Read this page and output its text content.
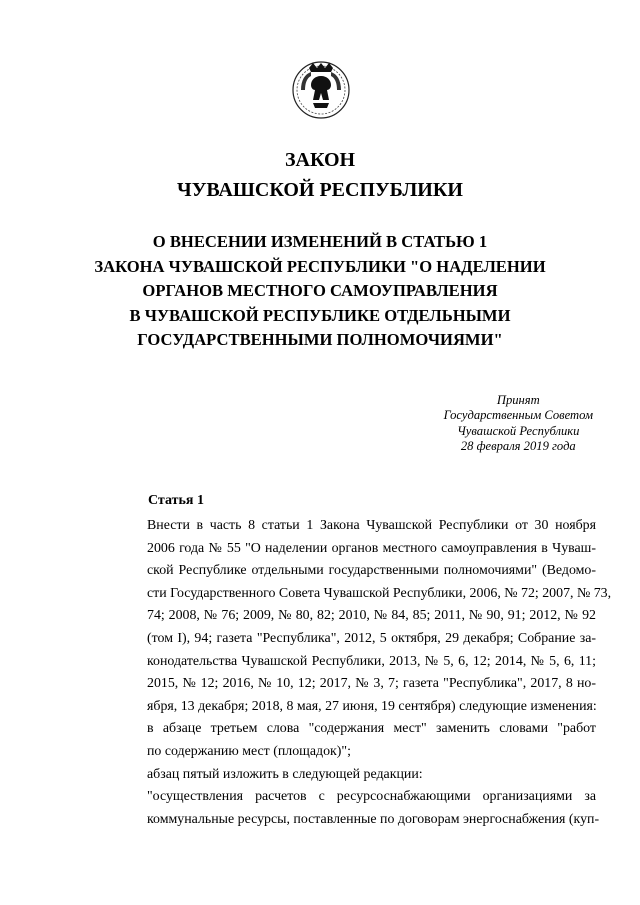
ЗАКОН
ЧУВАШСКОЙ РЕСПУБЛИКИ
О ВНЕСЕНИИ ИЗМЕНЕНИЙ В СТАТЬЮ 1
ЗАКОНА ЧУВАШСКОЙ РЕСПУБЛИКИ "О НАДЕЛЕНИИ
ОРГАНОВ МЕСТНОГО САМОУПРАВЛЕНИЯ
В ЧУВАШСКОЙ РЕСПУБЛИКЕ ОТДЕЛЬНЫМИ
ГОСУДАРСТВЕННЫМИ ПОЛНОМОЧИЯМИ"
Принят
Государственным Советом
Чувашской Республики
28 февраля 2019 года
Статья 1

Внести в часть 8 статьи 1 Закона Чувашской Республики от 30 ноября
2006 года № 55 "О наделении органов местного самоуправления в Чуваш-
ской Республике отдельными государственными полномочиями" (Ведомо-
сти Государственного Совета Чувашской Республики, 2006, № 72; 2007, № 73,
74; 2008, № 76; 2009, № 80, 82; 2010, № 84, 85; 2011, № 90, 91; 2012, № 92
(том I), 94; газета "Республика", 2012, 5 октября, 29 декабря; Собрание за-
конодательства Чувашской Республики, 2013, № 5, 6, 12; 2014, № 5, 6, 11;
2015, № 12; 2016, № 10, 12; 2017, № 3, 7; газета "Республика", 2017, 8 но-
ября, 13 декабря; 2018, 8 мая, 27 июня, 19 сентября) следующие изменения:

в абзаце третьем слова "содержания мест" заменить словами "работ
по содержанию мест (площадок)";

абзац пятый изложить в следующей редакции:

"осуществления расчетов с ресурсоснабжающими организациями за
коммунальные ресурсы, поставленные по договорам энергоснабжения (куп-
